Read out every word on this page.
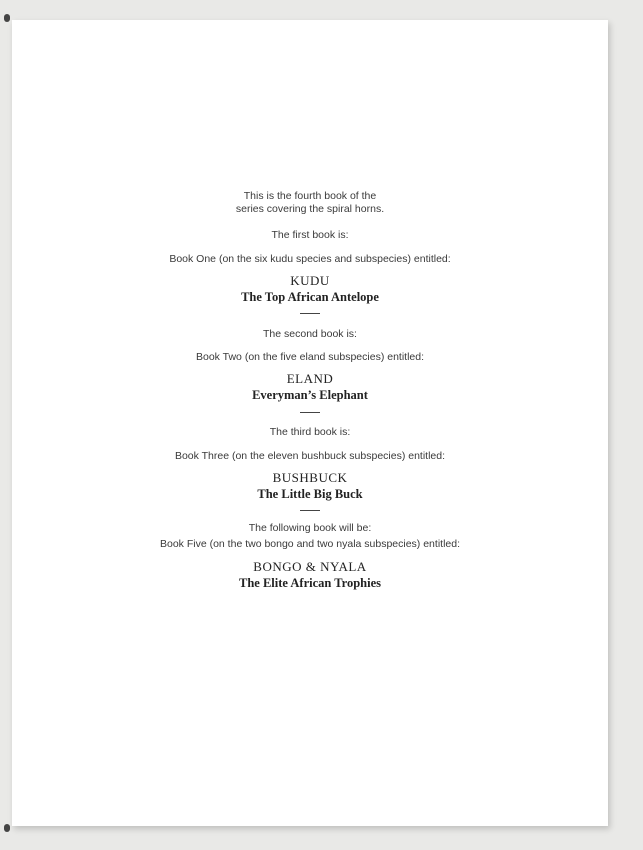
This is the fourth book of the
series covering the spiral horns.
The first book is:
Book One (on the six kudu species and subspecies) entitled:
KUDU
The Top African Antelope
The second book is:
Book Two (on the five eland subspecies) entitled:
ELAND
Everyman’s Elephant
The third book is:
Book Three (on the eleven bushbuck subspecies) entitled:
BUSHBUCK
The Little Big Buck
The following book will be:
Book Five (on the two bongo and two nyala subspecies) entitled:
BONGO & NYALA
The Elite African Trophies
